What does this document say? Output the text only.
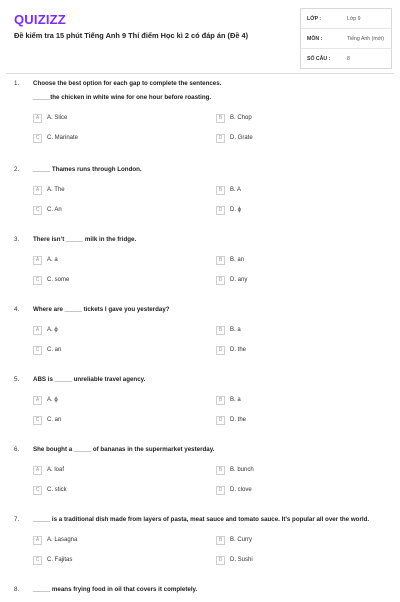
QUIZIZZ
Đề kiểm tra 15 phút Tiếng Anh 9 Thí điểm Học kì 2 có đáp án (Đề 4)
LỚP :	Lớp 9
MÔN :	Tiếng Anh (mới)
SỐ CÂU :	8
1.	Choose the best option for each gap to complete the sentences.
_____the chicken in white wine for one hour before roasting.
A	A. Slice	B	B. Chop
C	C. Marinate	D	D. Grate
2.	_____ Thames runs through London.
A	A. The	B	B. A
C	C. An	D	D. ɸ
3.	There isn’t _____ milk in the fridge.
A	A. a	B	B. an
C	C. some	D	D. any
4.	Where are _____ tickets I gave you yesterday?
A	A. ɸ	B	B. a
C	C. an	D	D. the
5.	ABS is _____ unreliable travel agency.
A	A. ɸ	B	B. a
C	C. an	D	D. the
6.	She bought a _____ of bananas in the supermarket yesterday.
A	A. loaf	B	B. bunch
C	C. stick	D	D. clove
7.	_____ is a traditional dish made from layers of pasta, meat sauce and tomato sauce. It’s popular all over the world.
A	A. Lasagna	B	B. Curry
C	C. Fajitas	D	D. Sushi
8.	_____ means frying food in oil that covers it completely.
